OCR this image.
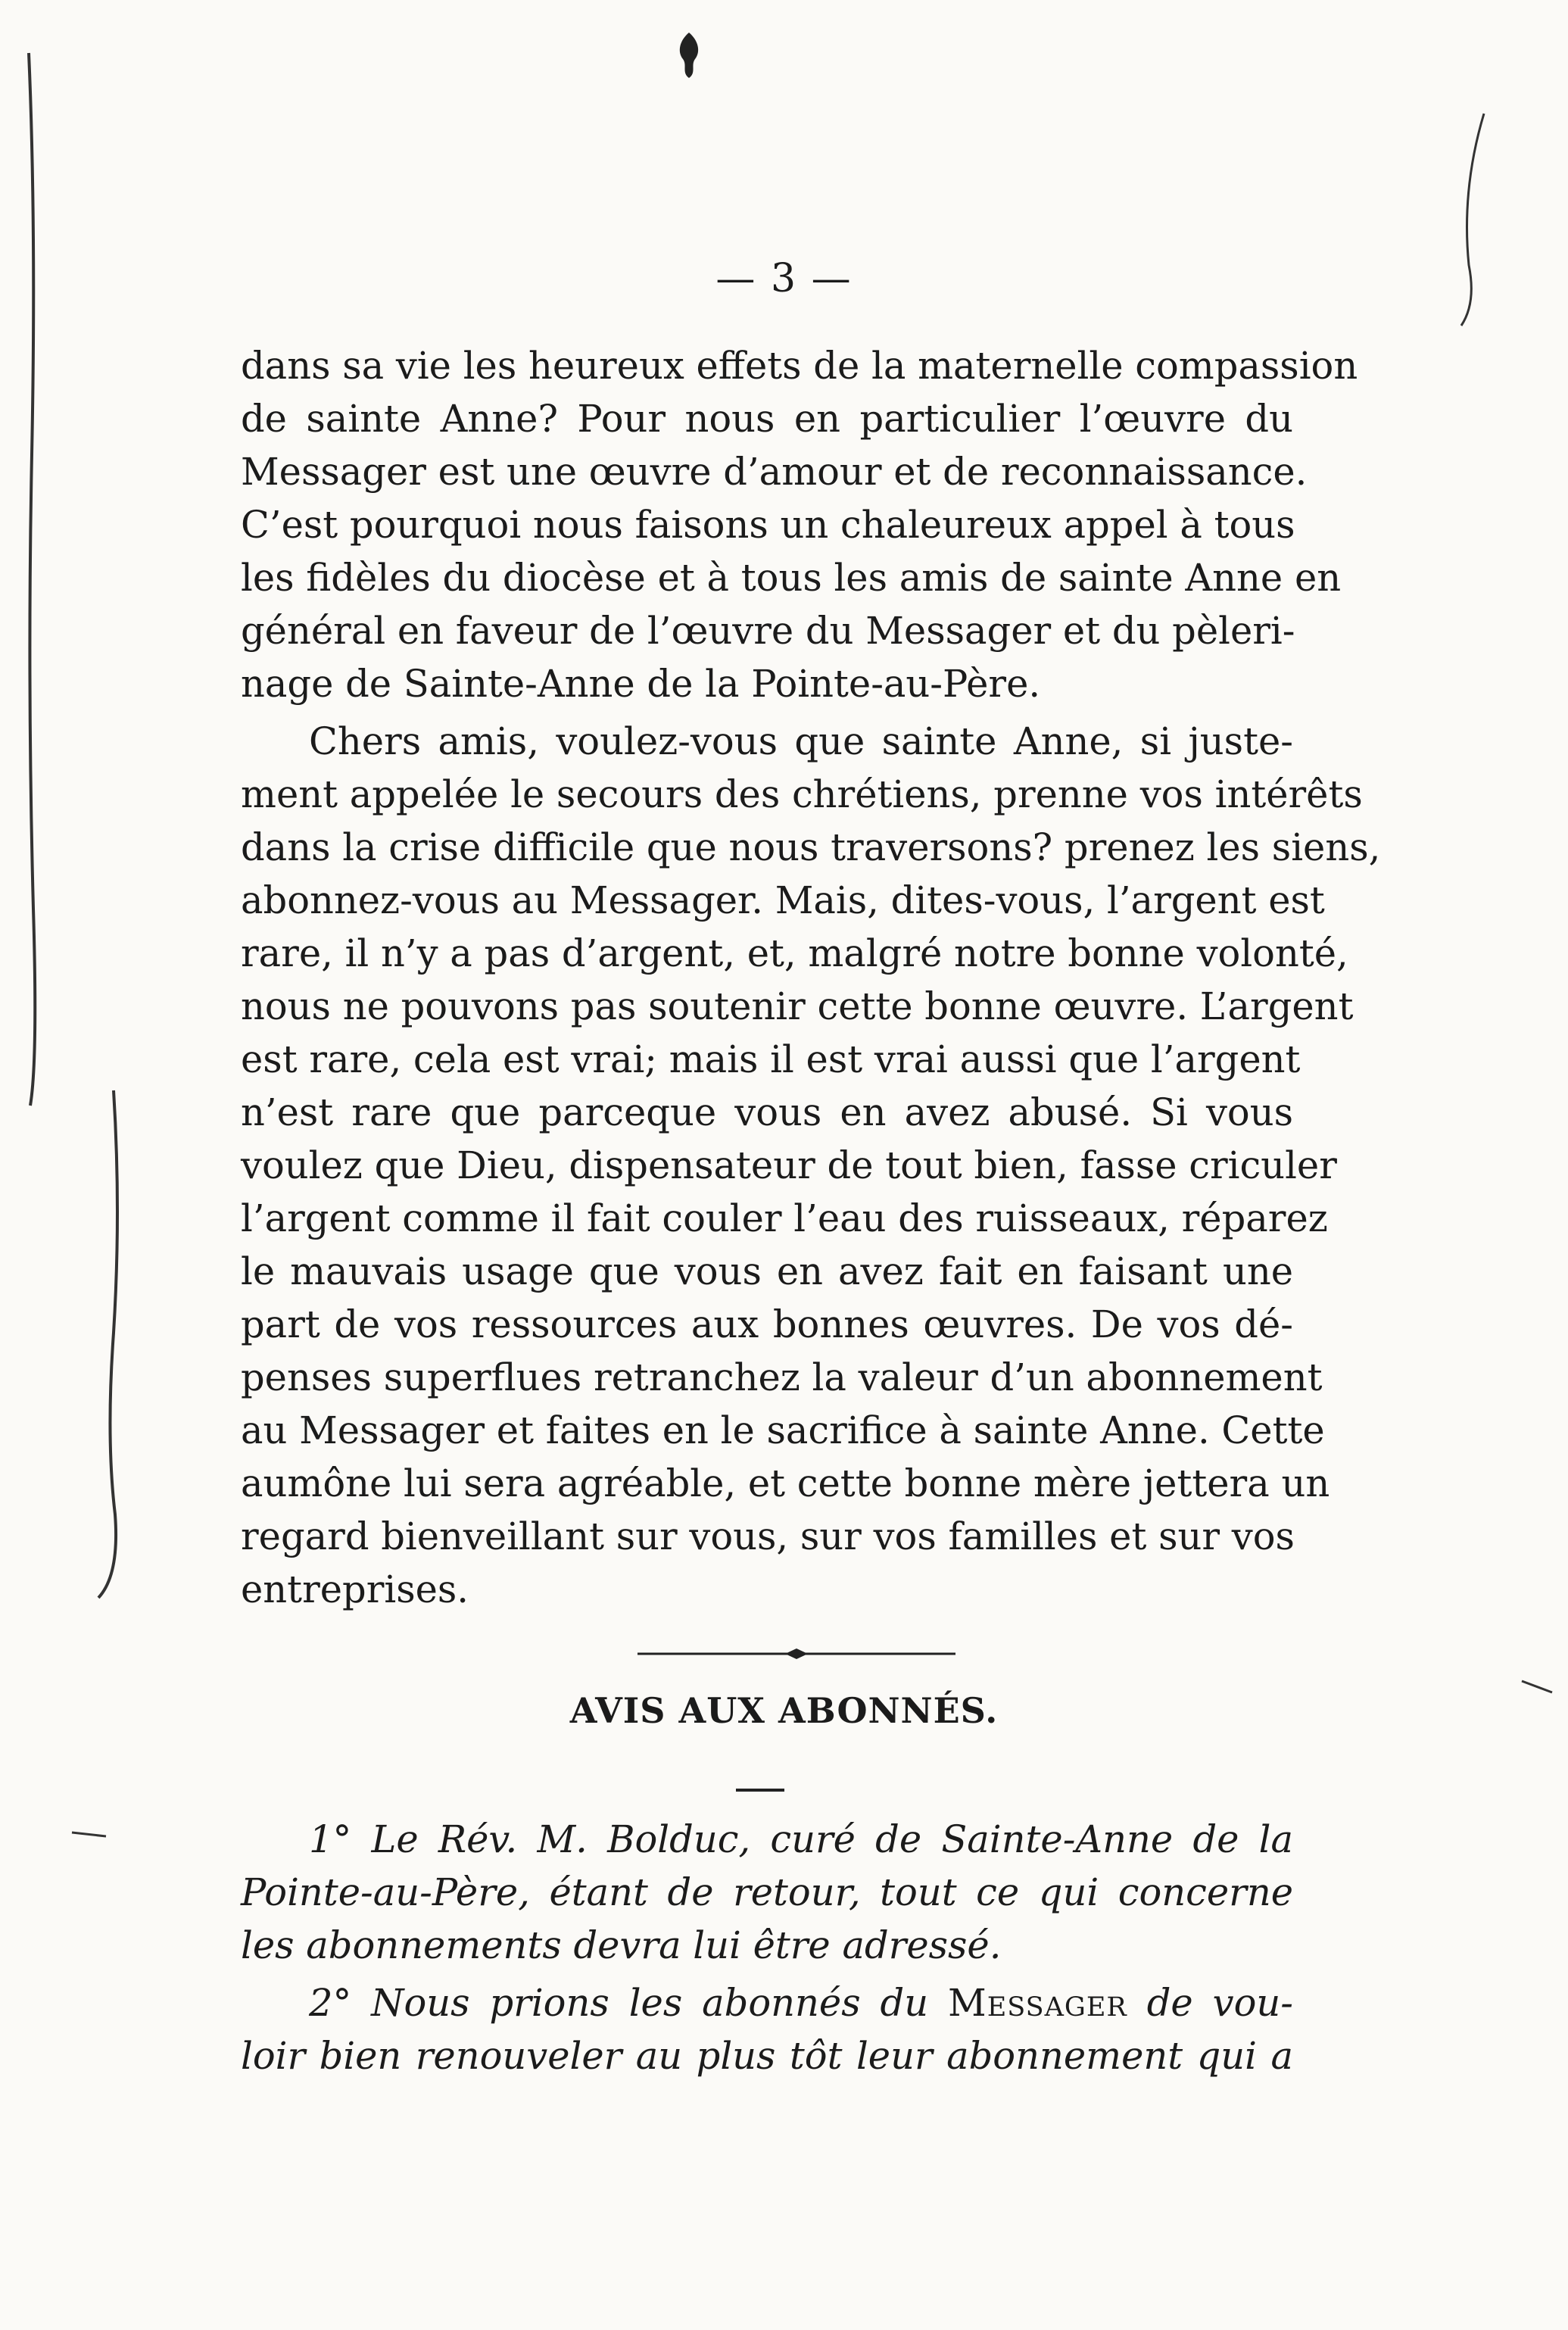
— 3 —
dans sa vie les heureux effets de la maternelle compassion
de sainte Anne? Pour nous en particulier l’œuvre du
Messager est une œuvre d’amour et de reconnaissance.
C’est pourquoi nous faisons un chaleureux appel à tous
les fidèles du diocèse et à tous les amis de sainte Anne en
général en faveur de l’œuvre du Messager et du pèleri-
nage de Sainte-Anne de la Pointe-au-Père.
Chers amis, voulez-vous que sainte Anne, si juste-
ment appelée le secours des chrétiens, prenne vos intérêts
dans la crise difficile que nous traversons? prenez les siens,
abonnez-vous au Messager. Mais, dites-vous, l’argent est
rare, il n’y a pas d’argent, et, malgré notre bonne volonté,
nous ne pouvons pas soutenir cette bonne œuvre. L’argent
est rare, cela est vrai; mais il est vrai aussi que l’argent
n’est rare que parceque vous en avez abusé. Si vous
voulez que Dieu, dispensateur de tout bien, fasse criculer
l’argent comme il fait couler l’eau des ruisseaux, réparez
le mauvais usage que vous en avez fait en faisant une
part de vos ressources aux bonnes œuvres. De vos dé-
penses superflues retranchez la valeur d’un abonnement
au Messager et faites en le sacrifice à sainte Anne. Cette
aumône lui sera agréable, et cette bonne mère jettera un
regard bienveillant sur vous, sur vos familles et sur vos
entreprises.
AVIS AUX ABONNÉS.
1° Le Rév. M. Bolduc, curé de Sainte-Anne de la
Pointe-au-Père, étant de retour, tout ce qui concerne
les abonnements devra lui être adressé.
2° Nous prions les abonnés du Messager de vou-
loir bien renouveler au plus tôt leur abonnement qui a
